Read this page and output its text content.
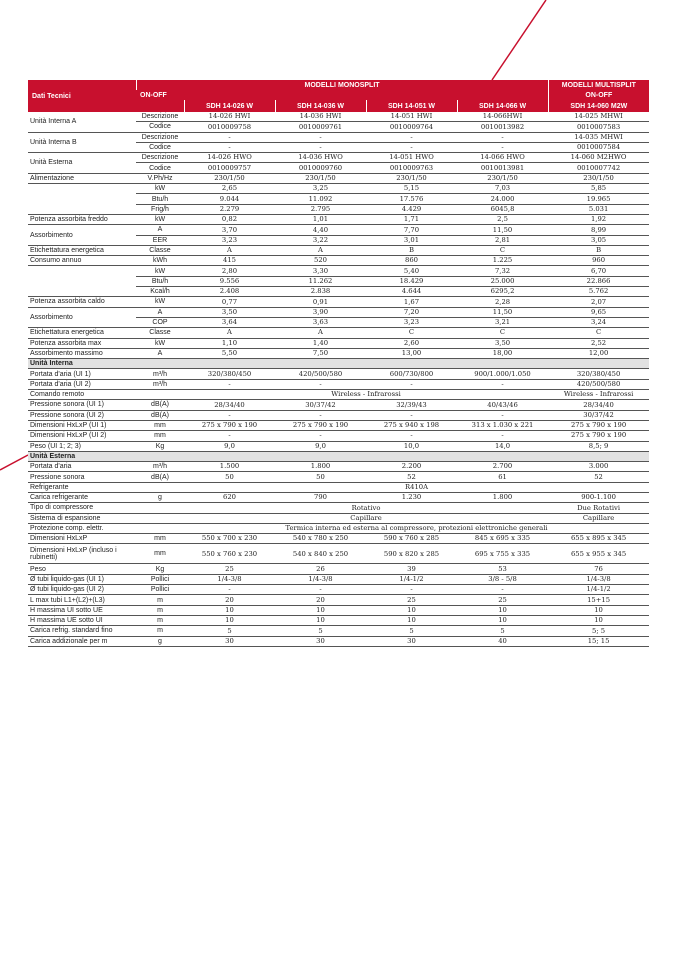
Dati Tecnici	MODELLI MONOSPLIT					MODELLI MULTISPLIT
	ON-OFF					ON-OFF
		SDH 14-026 W	SDH 14-036 W	SDH 14-051 W	SDH 14-066 W	SDH 14-060 M2W
Unità Interna A	Descrizione	14-026 HWI	14-036 HWI	14-051 HWI	14-066HWI	14-025 MHWI
	Codice	0010009758	0010009761	0010009764	0010013982	0010007583
Unità Interna B	Descrizione	-	-	-	-	14-035 MHWI
	Codice	-	-	-	-	0010007584
Unità Esterna	Descrizione	14-026 HWO	14-036 HWO	14-051 HWO	14-066 HWO	14-060 M2HWO
	Codice	0010009757	0010009760	0010009763	0010013981	0010007742
Alimentazione	V.Ph/Hz	230/1/50	230/1/50	230/1/50	230/1/50	230/1/50
	kW	2,65	3,25	5,15	7,03	5,85
	Btu/h	9.044	11.092	17.576	24.000	19.965
	Frig/h	2.279	2.795	4.429	6045,8	5.031
Potenza assorbita freddo	kW	0,82	1,01	1,71	2,5	1,92
Assorbimento	A	3,70	4,40	7,70	11,50	8,99
	EER	3,23	3,22	3,01	2,81	3,05
Etichettatura energetica	Classe	A	A	B	C	B
Consumo annuo	kWh	415	520	860	1.225	960
	kW	2,80	3,30	5,40	7,32	6,70
	Btu/h	9.556	11.262	18.429	25.000	22.866
	Kcal/h	2.408	2.838	4.644	6295,2	5.762
Potenza assorbita caldo	kW	0,77	0,91	1,67	2,28	2,07
Assorbimento	A	3,50	3,90	7,20	11,50	9,65
	COP	3,64	3,63	3,23	3,21	3,24
Etichettatura energetica	Classe	A	A	C	C	C
Potenza assorbita max	kW	1,10	1,40	2,60	3,50	2,52
Assorbimento massimo	A	5,50	7,50	13,00	18,00	12,00
Unità Interna						
Portata d'aria (UI 1)	m³/h	320/380/450	420/500/580	600/730/800	900/1.000/1.050	320/380/450
Portata d'aria (UI 2)	m³/h	-	-	-	-	420/500/580
Comando remoto		Wireless - Infrarossi				Wireless - Infrarossi
Pressione sonora (UI 1)	dB(A)	28/34/40	30/37/42	32/39/43	40/43/46	28/34/40
Pressione sonora (UI 2)	dB(A)	-	-	-	-	30/37/42
Dimensioni HxLxP (UI 1)	mm	275 x 790 x 190	275 x 790 x 190	275 x 940 x 198	313 x 1.030 x 221	275 x 790 x 190
Dimensioni HxLxP (UI 2)	mm	-	-	-	-	275 x 790 x 190
Peso (UI 1; 2; 3)	Kg	9,0	9,0	10,0	14,0	8,5; 9
Unità Esterna						
Portata d'aria	m³/h	1.500	1.800	2.200	2.700	3.000
Pressione sonora	dB(A)	50	50	52	61	52
Refrigerante		R410A				
Carica refrigerante	g	620	790	1.230	1.800	900-1.100
Tipo di compressore		Rotativo				Due Rotativi
Sistema di espansione		Capillare				Capillare
Protezione comp. elettr.		Termica interna ed esterna al compressore, protezioni elettroniche generali				
Dimensioni HxLxP	mm	550 x 700 x 230	540 x 780 x 250	590 x 760 x 285	845 x 695 x 335	655 x 895 x 345
Dimensioni HxLxP (incluso i rubinetti)	mm	550 x 760 x 230	540 x 840 x 250	590 x 820 x 285	695 x 755 x 335	655 x 955 x 345
Peso	Kg	25	26	39	53	76
Ø tubi liquido-gas (UI 1)	Pollici	1/4-3/8	1/4-3/8	1/4-1/2	3/8 - 5/8	1/4-3/8
Ø tubi liquido-gas (UI 2)	Pollici	-	-	-	-	1/4-1/2
L max tubi L1+(L2)+(L3)	m	20	20	25	25	15+15
H massima UI sotto UE	m	10	10	10	10	10
H massima UE sotto UI	m	10	10	10	10	10
Carica refrig. standard fino	m	5	5	5	5	5; 5
Carica addizionale per m	g	30	30	30	40	15; 15
